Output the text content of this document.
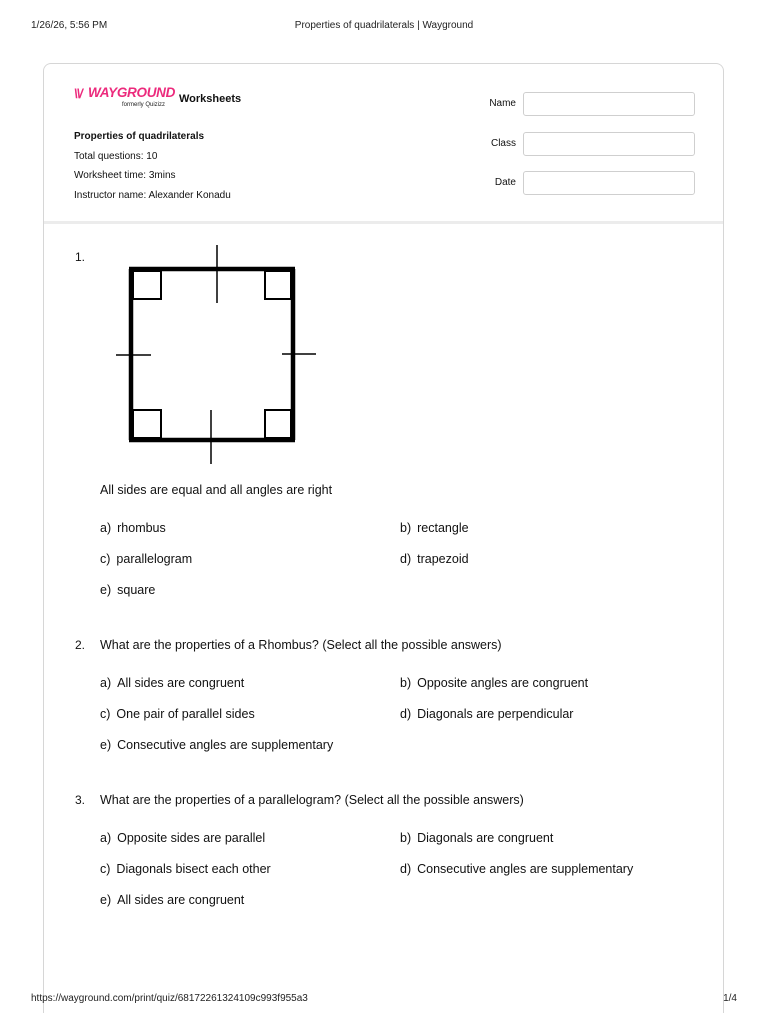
1/26/26, 5:56 PM	Properties of quadrilaterals | Wayground
\\/ WAYGROUND
formerly Quizizz Worksheets
Properties of quadrilaterals
Total questions: 10
Worksheet time: 3mins
Instructor name: Alexander Konadu
Name
Class
Date
1.
All sides are equal and all angles are right
a) rhombus	b) rectangle
c) parallelogram	d) trapezoid
e) square
2. What are the properties of a Rhombus? (Select all the possible answers)
a) All sides are congruent	b) Opposite angles are congruent
c) One pair of parallel sides	d) Diagonals are perpendicular
e) Consecutive angles are supplementary
3. What are the properties of a parallelogram? (Select all the possible answers)
a) Opposite sides are parallel	b) Diagonals are congruent
c) Diagonals bisect each other	d) Consecutive angles are supplementary
e) All sides are congruent
https://wayground.com/print/quiz/68172261324109c993f955a3	1/4
